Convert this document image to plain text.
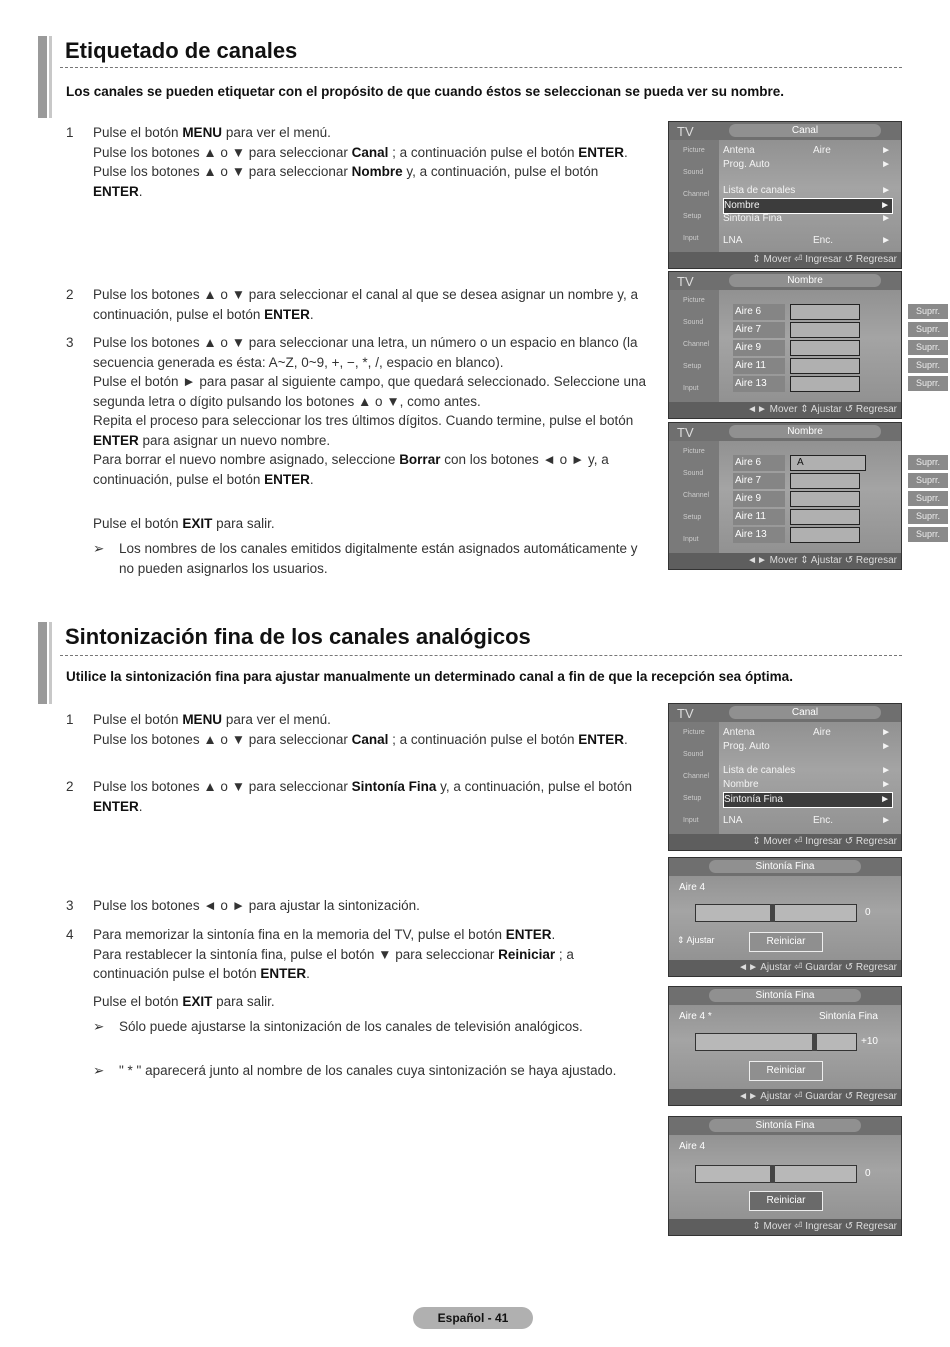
Etiquetado de canales
Los canales se pueden etiquetar con el propósito de que cuando éstos se seleccionan se pueda ver su nombre.
1 Pulse el botón MENU para ver el menú.

Pulse los botones ▲ o ▼ para seleccionar Canal ; a continuación pulse el botón ENTER. Pulse los botones ▲ o ▼ para seleccionar Nombre y, a continuación, pulse el botón ENTER.

2 Pulse los botones ▲ o ▼ para seleccionar el canal al que se desea asignar un nombre y, a continuación, pulse el botón ENTER.

3 Pulse los botones ▲ o ▼ para seleccionar una letra, un número o un espacio en blanco (la secuencia generada es ésta: A~Z, 0~9, +, −, *, /, espacio en blanco).

Pulse el botón ► para pasar al siguiente campo, que quedará seleccionado. Seleccione una segunda letra o dígito pulsando los botones ▲ o ▼, como antes.

Repita el proceso para seleccionar los tres últimos dígitos. Cuando termine, pulse el botón ENTER para asignar un nuevo nombre.

Para borrar el nuevo nombre asignado, seleccione Borrar con los botones ◄ o ► y, a continuación, pulse el botón ENTER.

Pulse el botón EXIT para salir.
➢ Los nombres de los canales emitidos digitalmente están asignados automáticamente y no pueden asignarlos los usuarios.
Sintonización fina de los canales analógicos
Utilice la sintonización fina para ajustar manualmente un determinado canal a fin de que la recepción sea óptima.
1 Pulse el botón MENU para ver el menú.

Pulse los botones ▲ o ▼ para seleccionar Canal ; a continuación pulse el botón ENTER.

2 Pulse los botones ▲ o ▼ para seleccionar Sintonía Fina y, a continuación, pulse el botón ENTER.

3 Pulse los botones ◄ o ► para ajustar la sintonización.

4 Para memorizar la sintonía fina en la memoria del TV, pulse el botón ENTER.

Para restablecer la sintonía fina, pulse el botón ▼ para seleccionar Reiniciar ; a continuación pulse el botón ENTER.

Pulse el botón EXIT para salir.
➢ Sólo puede ajustarse la sintonización de los canales de televisión analógicos.
➢ " * " aparecerá junto al nombre de los canales cuya sintonización se haya ajustado.
TV	Canal
Picture
Sound
Channel
Setup
Input
Antena	Aire	►
Prog. Auto	►
Lista de canales	►
Nombre	►
Sintonía Fina	►
LNA	Enc.	►
⇕ Mover ⏎ Ingresar ↺ Regresar
TV	Nombre
Picture
Sound
Channel
Setup
Input
Aire 6	Suprr.
Aire 7	Suprr.
Aire 9	Suprr.
Aire 11	Suprr.
Aire 13	Suprr.
◄► Mover ⇕ Ajustar ↺ Regresar
TV	Nombre
Picture
Sound
Channel
Setup
Input
Aire 6	A	Suprr.
Aire 7	Suprr.
Aire 9	Suprr.
Aire 11	Suprr.
Aire 13	Suprr.
◄► Mover ⇕ Ajustar ↺ Regresar
TV	Canal
Picture
Sound
Channel
Setup
Input
Antena	Aire	►
Prog. Auto	►
Lista de canales	►
Nombre	►
Sintonía Fina	►
LNA	Enc.	►
⇕ Mover ⏎ Ingresar ↺ Regresar
Sintonía Fina
Aire 4
0
⇕ Ajustar	Reiniciar
◄► Ajustar ⏎ Guardar ↺ Regresar
Sintonía Fina
Aire 4 *	Sintonía Fina
+10
Reiniciar
◄► Ajustar ⏎ Guardar ↺ Regresar
Sintonía Fina
Aire 4
0
Reiniciar
⇕ Mover ⏎ Ingresar ↺ Regresar
Español - 41
